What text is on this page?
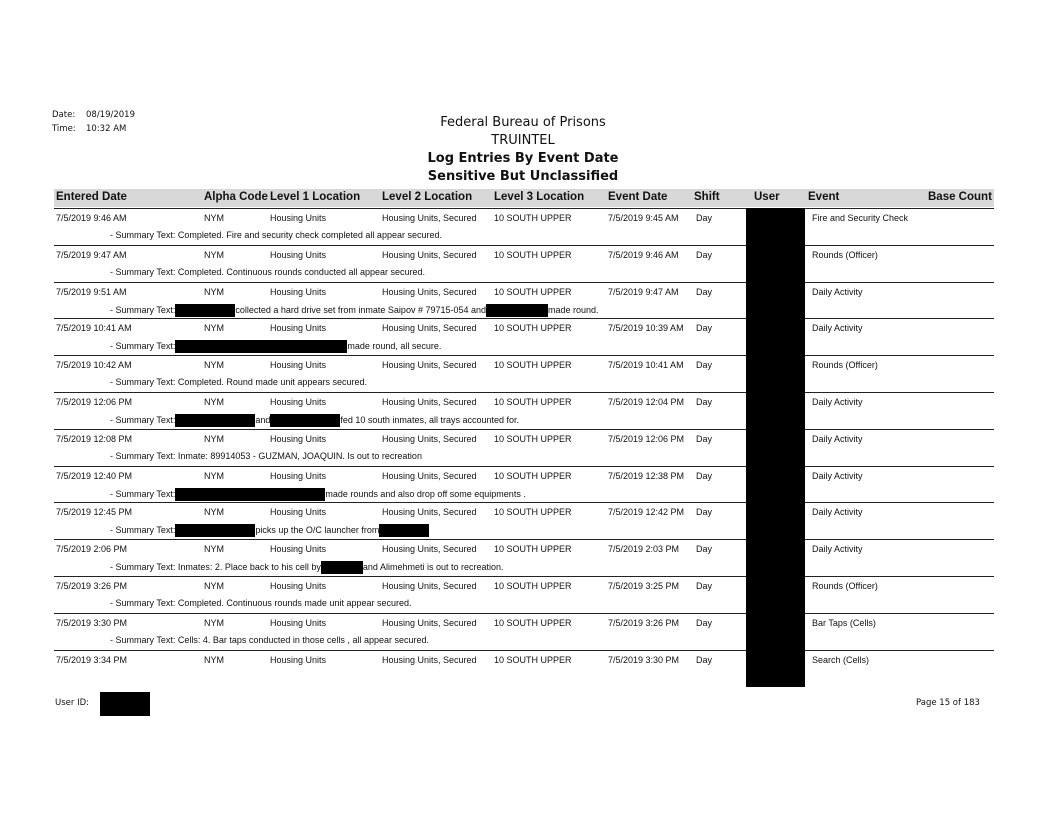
Date: 08/19/2019
Time: 10:32 AM	Federal Bureau of Prisons
TRUINTEL
Log Entries By Event Date
Sensitive But Unclassified
Entered Date	Alpha Code Level 1 Location Level 2 Location Level 3 Location Event Date Shift	User Event	Base Count
7/5/2019 9:46 AM	NYM	Housing Units	Housing Units, Secured 10 SOUTH UPPER	7/5/2019 9:45 AM Day	Fire and Security Check
- Summary Text: Completed. Fire and security check completed all appear secured.
7/5/2019 9:47 AM	NYM	Housing Units	Housing Units, Secured 10 SOUTH UPPER	7/5/2019 9:46 AM Day	Rounds (Officer)
- Summary Text: Completed. Continuous rounds conducted all appear secured.
7/5/2019 9:51 AM	NYM	Housing Units	Housing Units, Secured 10 SOUTH UPPER	7/5/2019 9:47 AM Day	Daily Activity
- Summary Text:	collected a hard drive set from inmate Saipov # 79715-054 and	made round.
7/5/2019 10:41 AM	NYM	Housing Units	Housing Units, Secured 10 SOUTH UPPER	7/5/2019 10:39 AM Day	Daily Activity
- Summary Text:	made round, all secure.
7/5/2019 10:42 AM	NYM	Housing Units	Housing Units, Secured 10 SOUTH UPPER	7/5/2019 10:41 AM Day	Rounds (Officer)
- Summary Text: Completed. Round made unit appears secured.
7/5/2019 12:06 PM	NYM	Housing Units	Housing Units, Secured 10 SOUTH UPPER	7/5/2019 12:04 PM Day	Daily Activity
- Summary Text:	and	fed 10 south inmates, all trays accounted for.
7/5/2019 12:08 PM	NYM	Housing Units	Housing Units, Secured 10 SOUTH UPPER	7/5/2019 12:06 PM Day	Daily Activity
- Summary Text: Inmate: 89914053 - GUZMAN, JOAQUIN. Is out to recreation
7/5/2019 12:40 PM	NYM	Housing Units	Housing Units, Secured 10 SOUTH UPPER	7/5/2019 12:38 PM Day	Daily Activity
- Summary Text:	made rounds and also drop off some equipments .
7/5/2019 12:45 PM	NYM	Housing Units	Housing Units, Secured 10 SOUTH UPPER	7/5/2019 12:42 PM Day	Daily Activity
- Summary Text:	picks up the O/C launcher from
7/5/2019 2:06 PM	NYM	Housing Units	Housing Units, Secured 10 SOUTH UPPER	7/5/2019 2:03 PM Day	Daily Activity
- Summary Text: Inmates: 2. Place back to his cell by	and Alimehmeti is out to recreation.
7/5/2019 3:26 PM	NYM	Housing Units	Housing Units, Secured 10 SOUTH UPPER	7/5/2019 3:25 PM Day	Rounds (Officer)
- Summary Text: Completed. Continuous rounds made unit appear secured.
7/5/2019 3:30 PM	NYM	Housing Units	Housing Units, Secured 10 SOUTH UPPER	7/5/2019 3:26 PM Day	Bar Taps (Cells)
- Summary Text: Cells: 4. Bar taps conducted in those cells , all appear secured.
7/5/2019 3:34 PM	NYM	Housing Units	Housing Units, Secured 10 SOUTH UPPER	7/5/2019 3:30 PM Day	Search (Cells)
User ID:	Page 15 of 183
